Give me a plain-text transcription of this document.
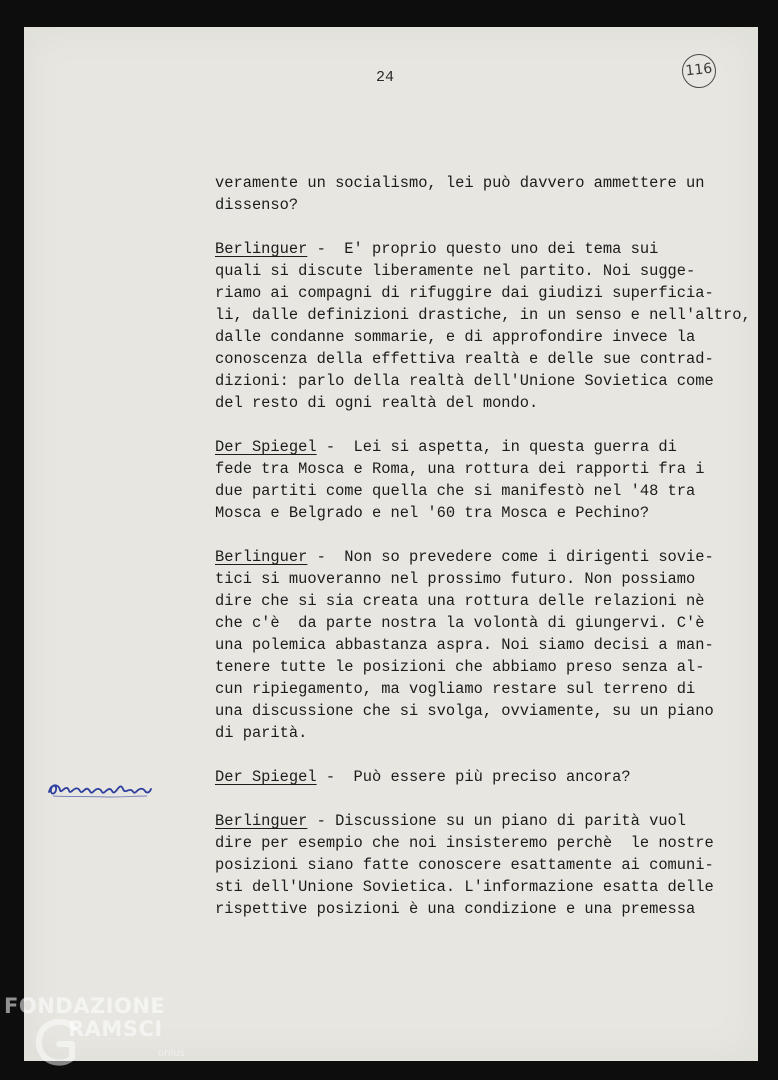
24	116

veramente un socialismo, lei può davvero ammettere un
dissenso?

Berlinguer -  E' proprio questo uno dei tema sui
quali si discute liberamente nel partito. Noi sugge-
riamo ai compagni di rifuggire dai giudizi superficia-
li, dalle definizioni drastiche, in un senso e nell'altro,
dalle condanne sommarie, e di approfondire invece la
conoscenza della effettiva realtà e delle sue contrad-
dizioni: parlo della realtà dell'Unione Sovietica come
del resto di ogni realtà del mondo.

Der Spiegel -  Lei si aspetta, in questa guerra di
fede tra Mosca e Roma, una rottura dei rapporti fra i
due partiti come quella che si manifestò nel '48 tra
Mosca e Belgrado e nel '60 tra Mosca e Pechino?

Berlinguer -  Non so prevedere come i dirigenti sovie-
tici si muoveranno nel prossimo futuro. Non possiamo
dire che si sia creata una rottura delle relazioni nè
che c'è  da parte nostra la volontà di giungervi. C'è
una polemica abbastanza aspra. Noi siamo decisi a man-
tenere tutte le posizioni che abbiamo preso senza al-
cun ripiegamento, ma vogliamo restare sul terreno di
una discussione che si svolga, ovviamente, su un piano
di parità.

Der Spiegel -  Può essere più preciso ancora?

Berlinguer - Discussione su un piano di parità vuol
dire per esempio che noi insisteremo perchè  le nostre
posizioni siano fatte conoscere esattamente ai comuni-
sti dell'Unione Sovietica. L'informazione esatta delle
rispettive posizioni è una condizione e una premessa

FONDAZIONE
RAMSCI
onlus
